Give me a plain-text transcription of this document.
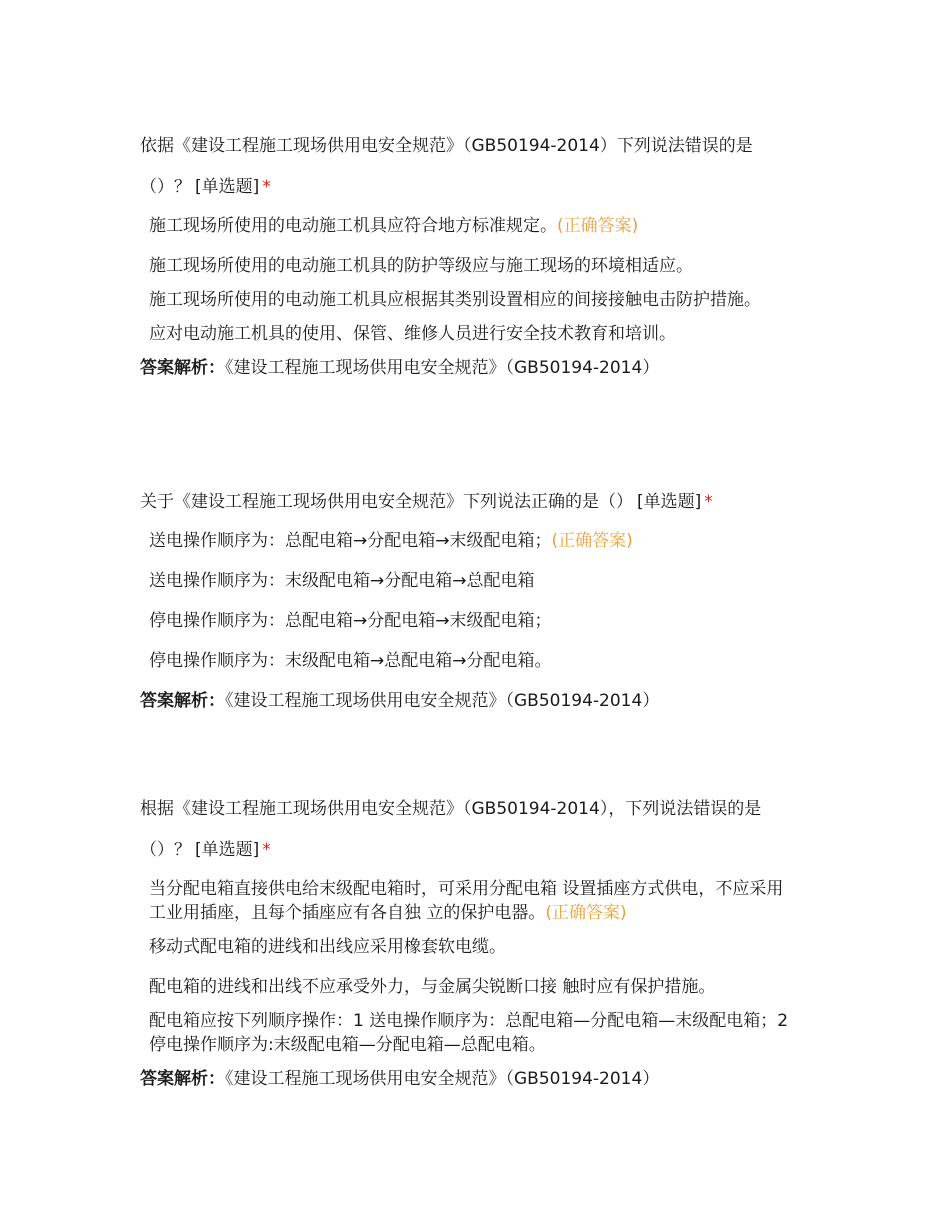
依据《建设工程施工现场供用电安全规范》（GB50194-2014）下列说法错误的是（）？ [单选题] *

施工现场所使用的电动施工机具应符合地方标准规定。(正确答案)
施工现场所使用的电动施工机具的防护等级应与施工现场的环境相适应。
施工现场所使用的电动施工机具应根据其类别设置相应的间接接触电击防护措施。
应对电动施工机具的使用、保管、维修人员进行安全技术教育和培训。
答案解析：《建设工程施工现场供用电安全规范》（GB50194-2014）

关于《建设工程施工现场供用电安全规范》下列说法正确的是（） [单选题] *

送电操作顺序为：总配电箱→分配电箱→末级配电箱；(正确答案)
送电操作顺序为：末级配电箱→分配电箱→总配电箱
停电操作顺序为：总配电箱→分配电箱→末级配电箱；
停电操作顺序为：末级配电箱→总配电箱→分配电箱。
答案解析：《建设工程施工现场供用电安全规范》（GB50194-2014）

根据《建设工程施工现场供用电安全规范》（GB50194-2014），下列说法错误的是（）？ [单选题] *

当分配电箱直接供电给末级配电箱时，可采用分配电箱 设置插座方式供电，不应采用工业用插座，且每个插座应有各自独 立的保护电器。(正确答案)
移动式配电箱的进线和出线应采用橡套软电缆。
配电箱的进线和出线不应承受外力，与金属尖锐断口接 触时应有保护措施。
配电箱应按下列顺序操作：1 送电操作顺序为：总配电箱—分配电箱—末级配电箱；2 停电操作顺序为:末级配电箱—分配电箱—总配电箱。
答案解析：《建设工程施工现场供用电安全规范》（GB50194-2014）
